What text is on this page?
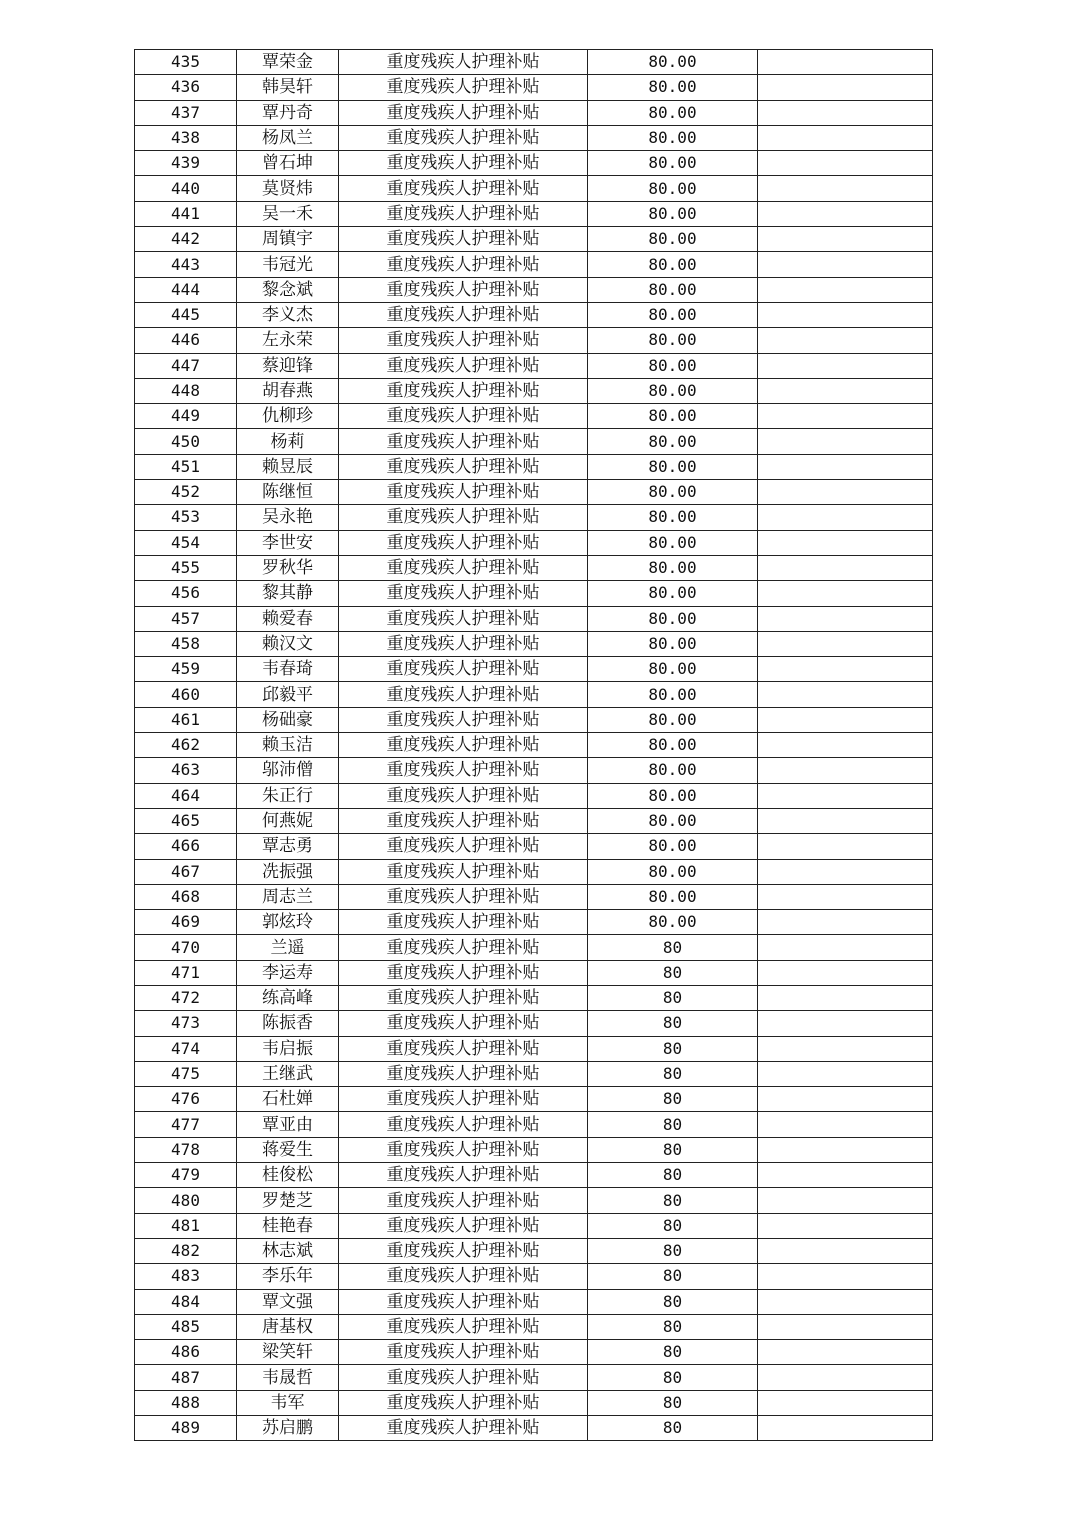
435	覃荣金	重度残疾人护理补贴	80.00	
436	韩昊轩	重度残疾人护理补贴	80.00	
437	覃丹奇	重度残疾人护理补贴	80.00	
438	杨凤兰	重度残疾人护理补贴	80.00	
439	曾石坤	重度残疾人护理补贴	80.00	
440	莫贤炜	重度残疾人护理补贴	80.00	
441	吴一禾	重度残疾人护理补贴	80.00	
442	周镇宇	重度残疾人护理补贴	80.00	
443	韦冠光	重度残疾人护理补贴	80.00	
444	黎念斌	重度残疾人护理补贴	80.00	
445	李义杰	重度残疾人护理补贴	80.00	
446	左永荣	重度残疾人护理补贴	80.00	
447	蔡迎锋	重度残疾人护理补贴	80.00	
448	胡春燕	重度残疾人护理补贴	80.00	
449	仇柳珍	重度残疾人护理补贴	80.00	
450	杨莉	重度残疾人护理补贴	80.00	
451	赖昱辰	重度残疾人护理补贴	80.00	
452	陈继恒	重度残疾人护理补贴	80.00	
453	吴永艳	重度残疾人护理补贴	80.00	
454	李世安	重度残疾人护理补贴	80.00	
455	罗秋华	重度残疾人护理补贴	80.00	
456	黎其静	重度残疾人护理补贴	80.00	
457	赖爱春	重度残疾人护理补贴	80.00	
458	赖汉文	重度残疾人护理补贴	80.00	
459	韦春琦	重度残疾人护理补贴	80.00	
460	邱毅平	重度残疾人护理补贴	80.00	
461	杨础豪	重度残疾人护理补贴	80.00	
462	赖玉洁	重度残疾人护理补贴	80.00	
463	邬沛僧	重度残疾人护理补贴	80.00	
464	朱正行	重度残疾人护理补贴	80.00	
465	何燕妮	重度残疾人护理补贴	80.00	
466	覃志勇	重度残疾人护理补贴	80.00	
467	冼振强	重度残疾人护理补贴	80.00	
468	周志兰	重度残疾人护理补贴	80.00	
469	郭炫玲	重度残疾人护理补贴	80.00	
470	兰遥	重度残疾人护理补贴	80	
471	李运寿	重度残疾人护理补贴	80	
472	练高峰	重度残疾人护理补贴	80	
473	陈振香	重度残疾人护理补贴	80	
474	韦启振	重度残疾人护理补贴	80	
475	王继武	重度残疾人护理补贴	80	
476	石杜婵	重度残疾人护理补贴	80	
477	覃亚由	重度残疾人护理补贴	80	
478	蒋爱生	重度残疾人护理补贴	80	
479	桂俊松	重度残疾人护理补贴	80	
480	罗楚芝	重度残疾人护理补贴	80	
481	桂艳春	重度残疾人护理补贴	80	
482	林志斌	重度残疾人护理补贴	80	
483	李乐年	重度残疾人护理补贴	80	
484	覃文强	重度残疾人护理补贴	80	
485	唐基权	重度残疾人护理补贴	80	
486	梁笑轩	重度残疾人护理补贴	80	
487	韦晟哲	重度残疾人护理补贴	80	
488	韦军	重度残疾人护理补贴	80	
489	苏启鹏	重度残疾人护理补贴	80	
